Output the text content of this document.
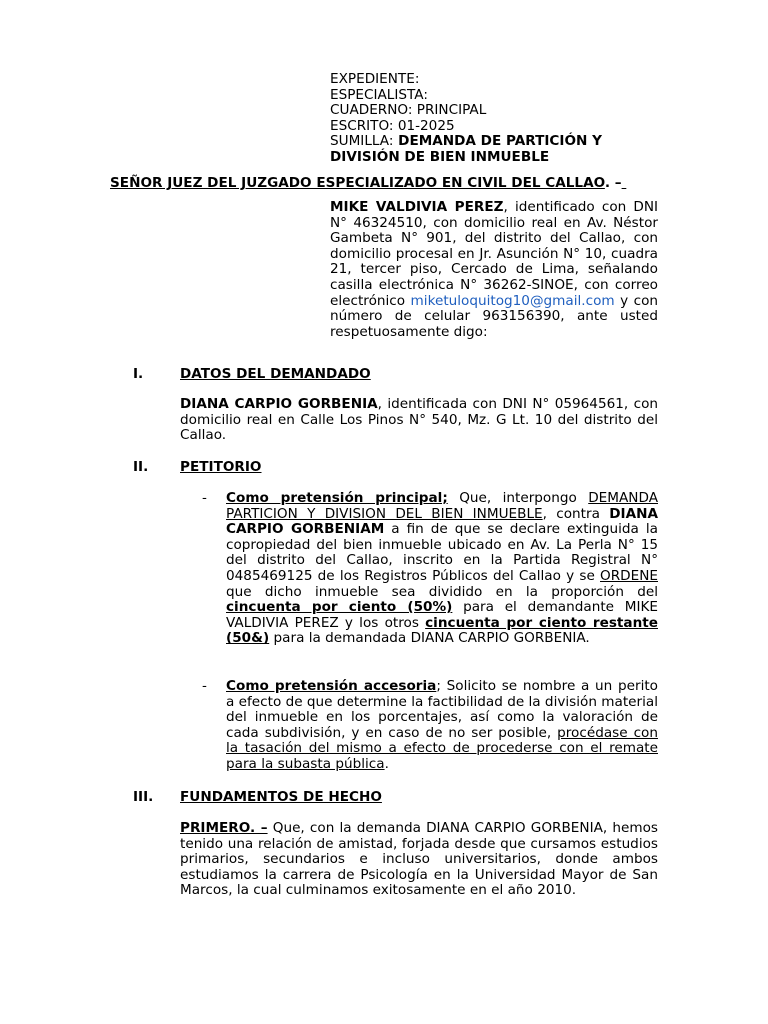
EXPEDIENTE:
ESPECIALISTA:
CUADERNO: PRINCIPAL
ESCRITO: 01-2025
SUMILLA: DEMANDA DE PARTICIÓN Y
DIVISIÓN DE BIEN INMUEBLE
SEÑOR JUEZ DEL JUZGADO ESPECIALIZADO EN CIVIL DEL CALLAO. –

MIKE VALDIVIA PEREZ, identificado con DNI N° 46324510, con domicilio real en Av. Néstor Gambeta N° 901, del distrito del Callao, con domicilio procesal en Jr. Asunción N° 10, cuadra 21, tercer piso, Cercado de Lima, señalando casilla electrónica N° 36262-SINOE, con correo electrónico miketuloquitog10@gmail.com y con número de celular 963156390, ante usted respetuosamente digo:

I.	DATOS DEL DEMANDADO

DIANA CARPIO GORBENIA, identificada con DNI N° 05964561, con domicilio real en Calle Los Pinos N° 540, Mz. G Lt. 10 del distrito del Callao.

II. PETITORIO
- Como pretensión principal; Que, interpongo DEMANDA PARTICION Y DIVISION DEL BIEN INMUEBLE, contra DIANA CARPIO GORBENIAM a fin de que se declare extinguida la copropiedad del bien inmueble ubicado en Av. La Perla N° 15 del distrito del Callao, inscrito en la Partida Registral N° 0485469125 de los Registros Públicos del Callao y se ORDENE que dicho inmueble sea dividido en la proporción del cincuenta por ciento (50%) para el demandante MIKE VALDIVIA PEREZ y los otros cincuenta por ciento restante (50&) para la demandada DIANA CARPIO GORBENIA.

- Como pretensión accesoria; Solicito se nombre a un perito a efecto de que determine la factibilidad de la división material del inmueble en los porcentajes, así como la valoración de cada subdivisión, y en caso de no ser posible, procédase con la tasación del mismo a efecto de procederse con el remate para la subasta pública.

III. FUNDAMENTOS DE HECHO

PRIMERO. – Que, con la demanda DIANA CARPIO GORBENIA, hemos tenido una relación de amistad, forjada desde que cursamos estudios primarios, secundarios e incluso universitarios, donde ambos estudiamos la carrera de Psicología en la Universidad Mayor de San Marcos, la cual culminamos exitosamente en el año 2010.
